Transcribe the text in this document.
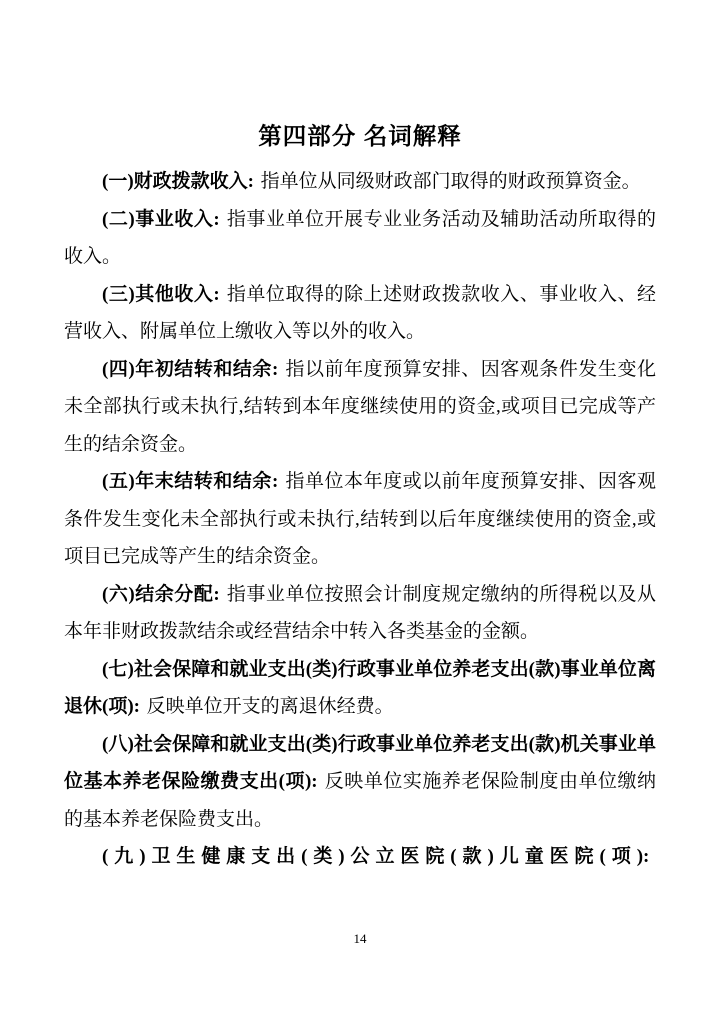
第四部分 名词解释

(一)财政拨款收入: 指单位从同级财政部门取得的财政预算资金。

(二)事业收入: 指事业单位开展专业业务活动及辅助活动所取得的收入。

(三)其他收入: 指单位取得的除上述财政拨款收入、事业收入、经营收入、附属单位上缴收入等以外的收入。

(四)年初结转和结余: 指以前年度预算安排、因客观条件发生变化未全部执行或未执行,结转到本年度继续使用的资金,或项目已完成等产生的结余资金。

(五)年末结转和结余: 指单位本年度或以前年度预算安排、因客观条件发生变化未全部执行或未执行,结转到以后年度继续使用的资金,或项目已完成等产生的结余资金。

(六)结余分配: 指事业单位按照会计制度规定缴纳的所得税以及从本年非财政拨款结余或经营结余中转入各类基金的金额。

(七)社会保障和就业支出(类)行政事业单位养老支出(款)事业单位离退休(项): 反映单位开支的离退休经费。

(八)社会保障和就业支出(类)行政事业单位养老支出(款)机关事业单位基本养老保险缴费支出(项): 反映单位实施养老保险制度由单位缴纳的基本养老保险费支出。

(九)卫生健康支出(类)公立医院(款)儿童医院(项):

14
